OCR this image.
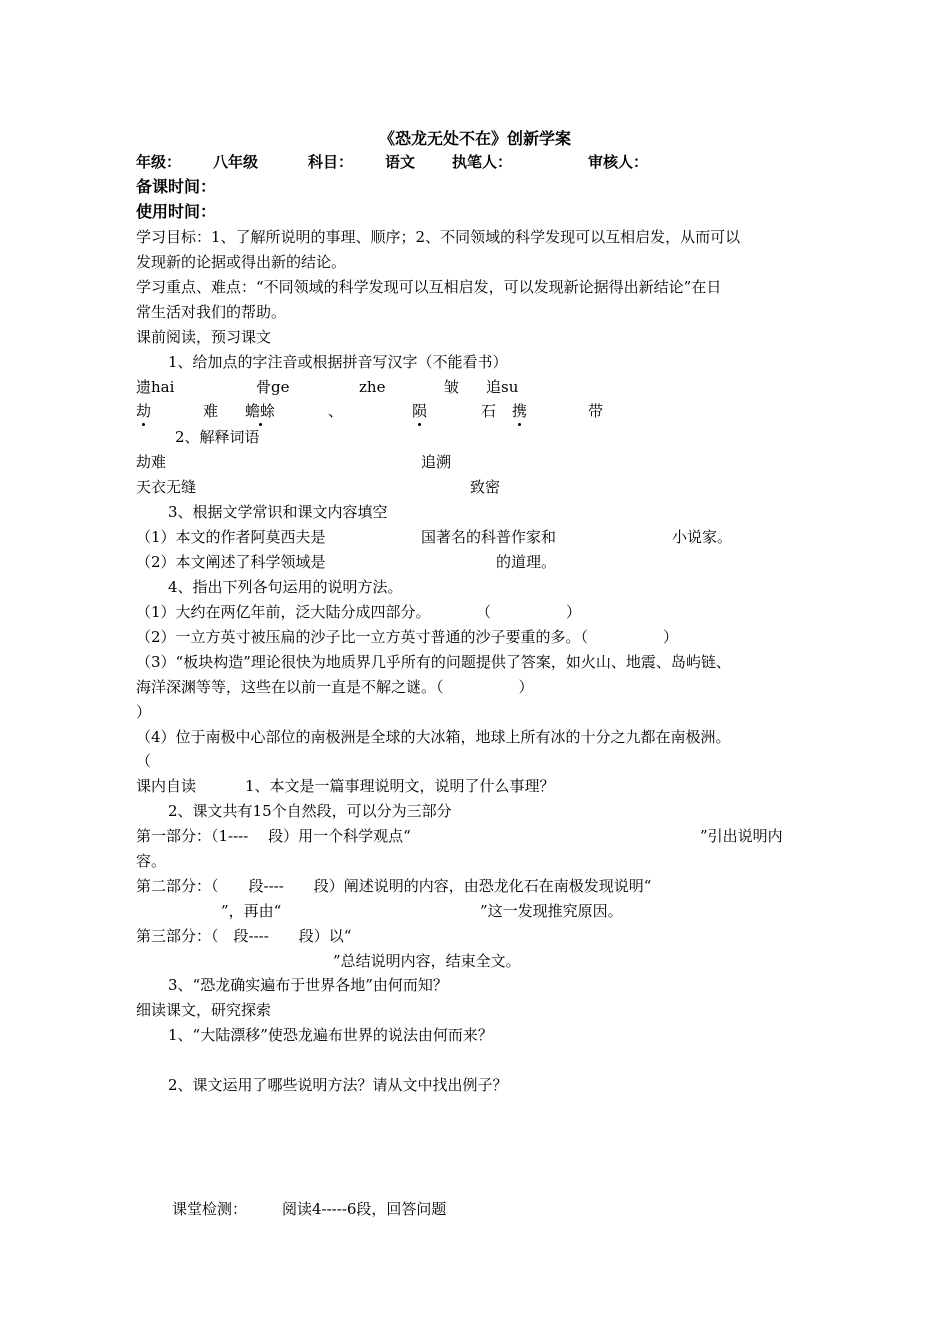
《恐龙无处不在》创新学案
年级： 八年级	科目： 语文 执笔人：	审核人：
备课时间：
使用时间：
学习目标：1、了解所说明的事理、顺序；2、不同领域的科学发现可以互相启发，从而可以
发现新的论据或得出新的结论。
学习重点、难点：“不同领域的科学发现可以互相启发，可以发现新论据得出新结论”在日
常生活对我们的帮助。
课前阅读，预习课文
1、给加点的字注音或根据拼音写汉字（不能看书）
遗hai	骨ge	zhe	皱 追su
劫	难 蟾蜍	、	陨	石 携	带
2、解释词语
劫难	追溯
天衣无缝	致密
3、根据文学常识和课文内容填空
（1）本文的作者阿莫西夫是	国著名的科普作家和	小说家。
（2）本文阐述了科学领域是	的道理。
4、指出下列各句运用的说明方法。
（1）大约在两亿年前，泛大陆分成四部分。	（　　　　　）
（2）一立方英寸被压扁的沙子比一立方英寸普通的沙子要重的多。（　　　　　）
（3）“板块构造”理论很快为地质界几乎所有的问题提供了答案，如火山、地震、岛屿链、
海洋深渊等等，这些在以前一直是不解之谜。（　　　　　）
）
（4）位于南极中心部位的南极洲是全球的大冰箱，地球上所有冰的十分之九都在南极洲。
（
课内自读	1、本文是一篇事理说明文，说明了什么事理？
2、课文共有15个自然段，可以分为三部分
第一部分：（1----　 段）用一个科学观点“	”引出说明内
容。
第二部分：（　　段----　　段）阐述说明的内容，由恐龙化石在南极发现说明“
”，再由“	”这一发现推究原因。
第三部分：（　段----　　段）以“
”总结说明内容，结束全文。
3、“恐龙确实遍布于世界各地”由何而知？
细读课文，研究探索
1、“大陆漂移”使恐龙遍布世界的说法由何而来？
2、课文运用了哪些说明方法？请从文中找出例子？
课堂检测： 阅读4-----6段，回答问题
